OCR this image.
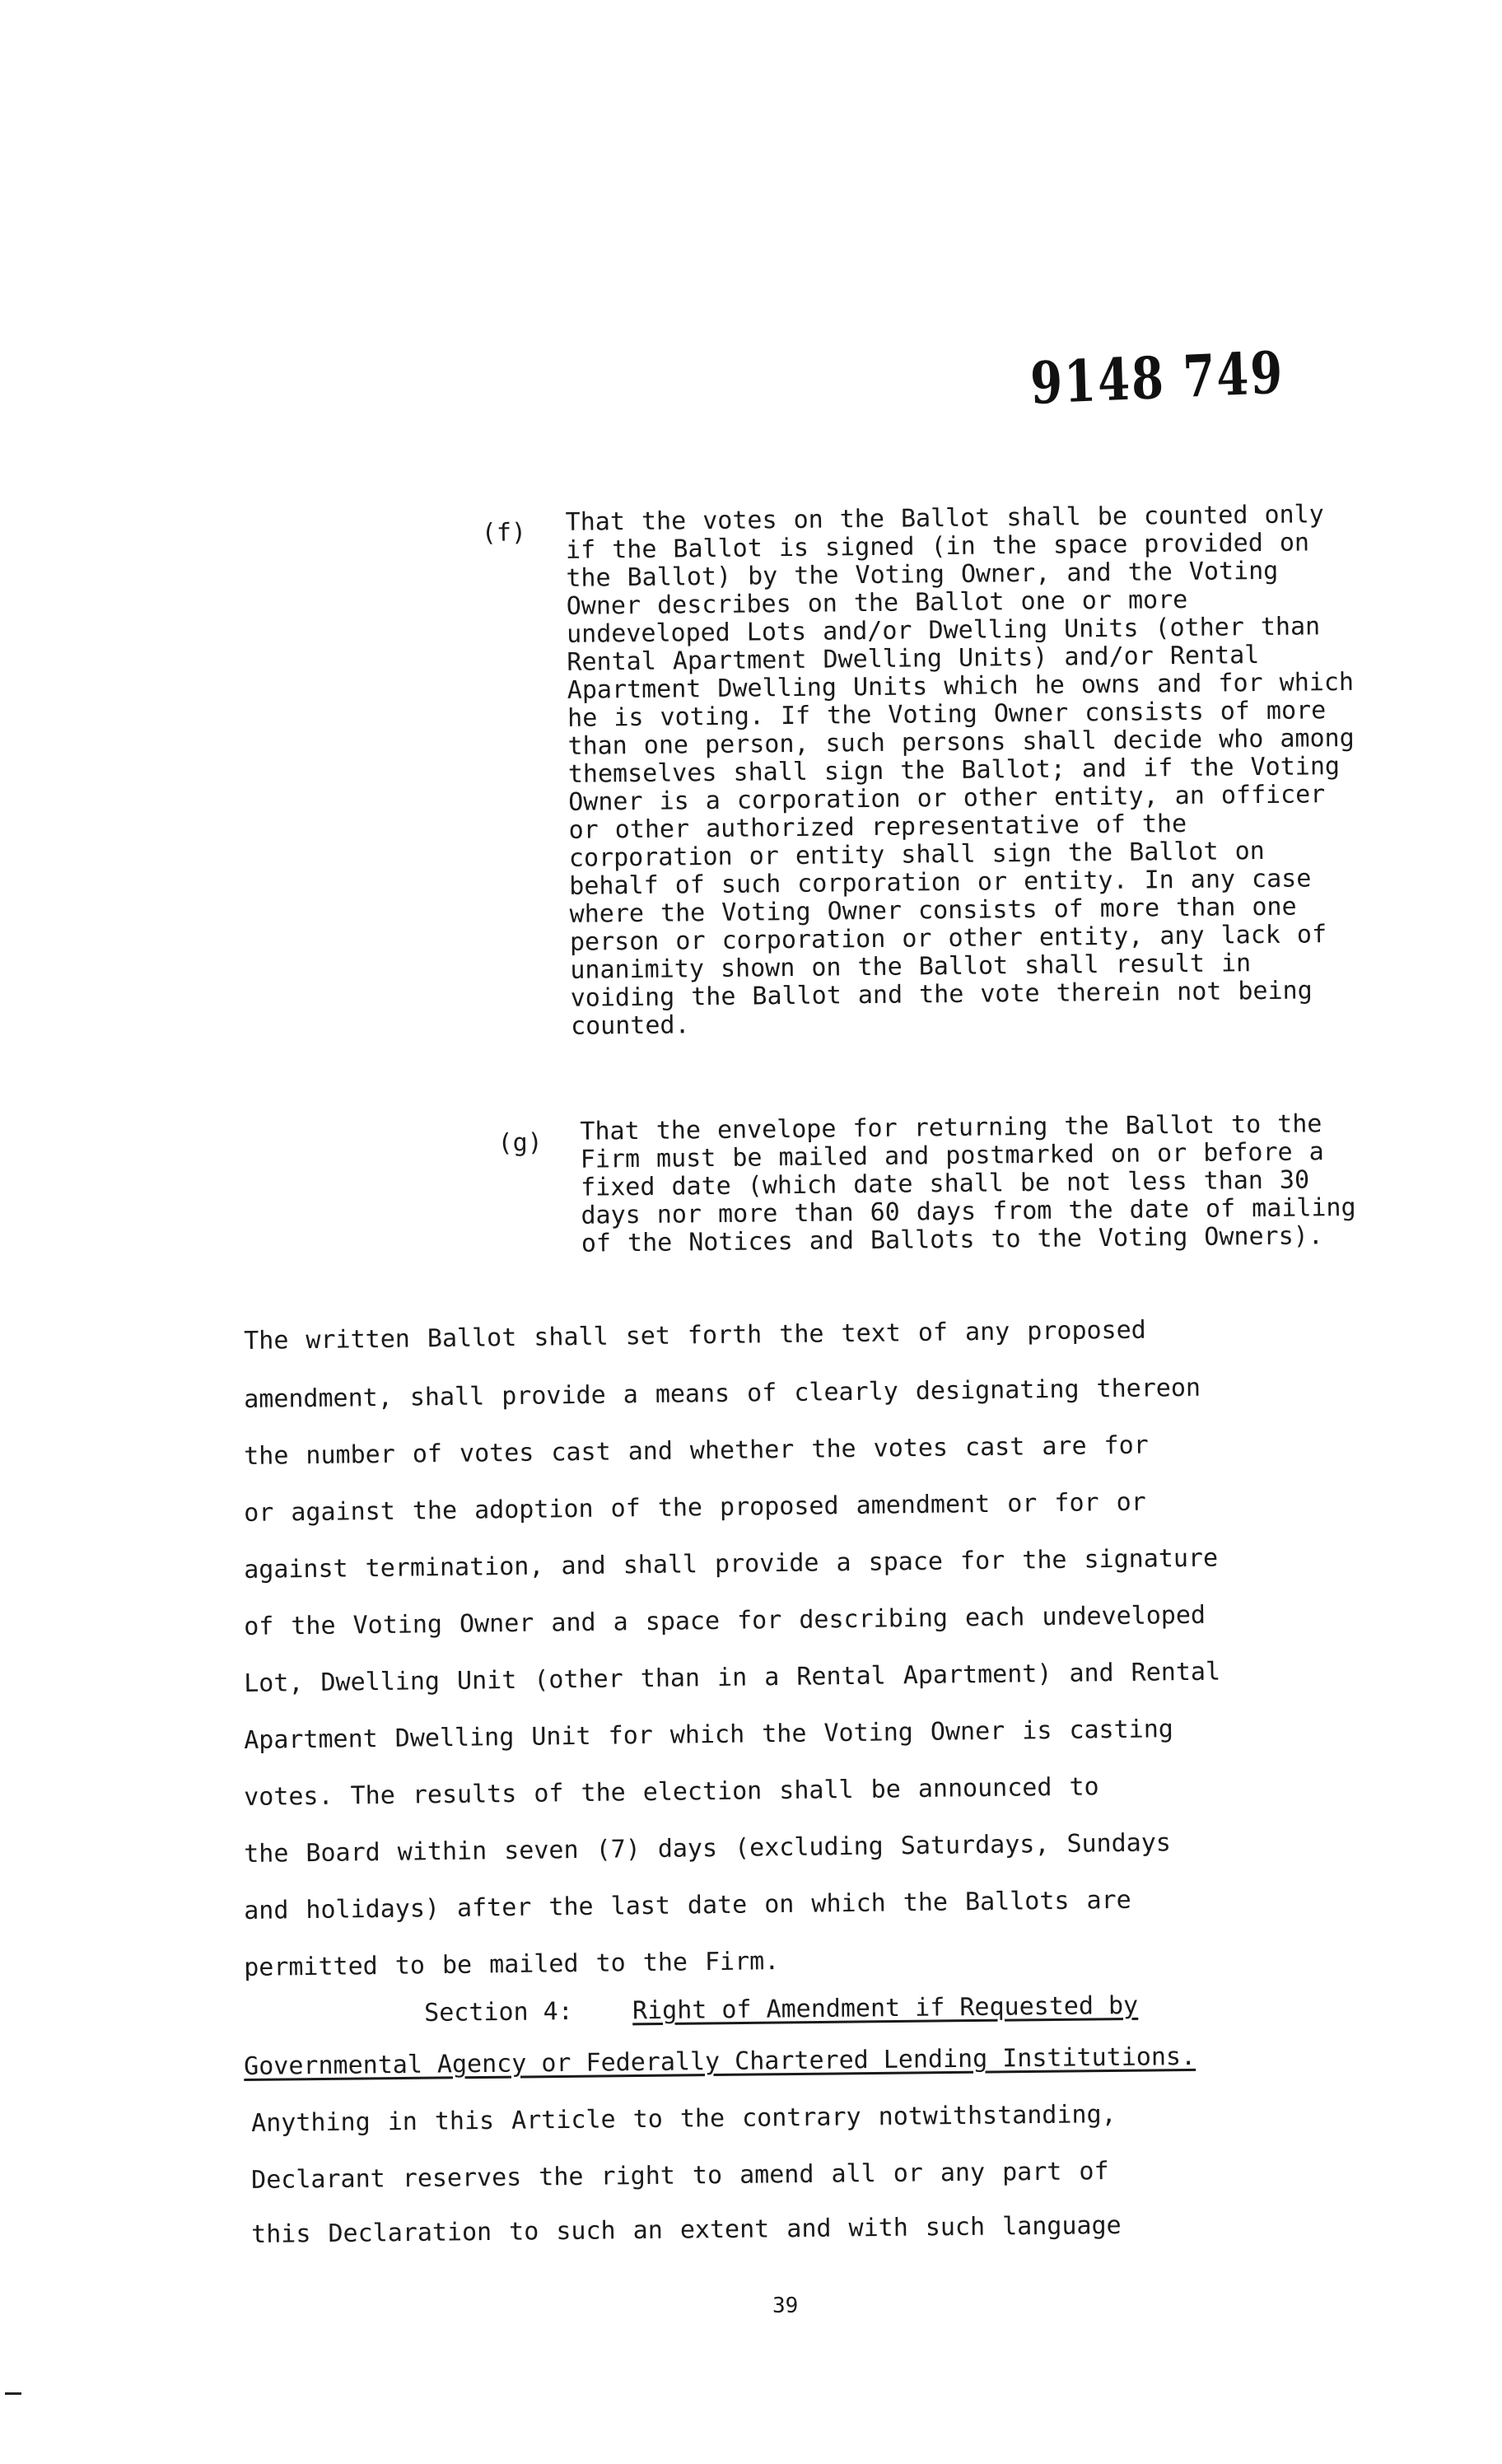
9148 749
(f) That the votes on the Ballot shall be counted only if the Ballot is signed (in the space provided on the Ballot) by the Voting Owner, and the Voting Owner describes on the Ballot one or more undeveloped Lots and/or Dwelling Units (other than Rental Apartment Dwelling Units) and/or Rental Apartment Dwelling Units which he owns and for which he is voting. If the Voting Owner consists of more than one person, such persons shall decide who among themselves shall sign the Ballot; and if the Voting Owner is a corporation or other entity, an officer or other authorized representative of the corporation or entity shall sign the Ballot on behalf of such corporation or entity. In any case where the Voting Owner consists of more than one person or corporation or other entity, any lack of unanimity shown on the Ballot shall result in voiding the Ballot and the vote therein not being counted.
(g) That the envelope for returning the Ballot to the Firm must be mailed and postmarked on or before a fixed date (which date shall be not less than 30 days nor more than 60 days from the date of mailing of the Notices and Ballots to the Voting Owners).
The written Ballot shall set forth the text of any proposed
amendment, shall provide a means of clearly designating thereon
the number of votes cast and whether the votes cast are for
or against the adoption of the proposed amendment or for or
against termination, and shall provide a space for the signature
of the Voting Owner and a space for describing each undeveloped
Lot, Dwelling Unit (other than in a Rental Apartment) and Rental
Apartment Dwelling Unit for which the Voting Owner is casting
votes. The results of the election shall be announced to
the Board within seven (7) days (excluding Saturdays, Sundays
and holidays) after the last date on which the Ballots are
permitted to be mailed to the Firm.
Section 4: Right of Amendment if Requested by
Governmental Agency or Federally Chartered Lending Institutions.
Anything in this Article to the contrary notwithstanding,
Declarant reserves the right to amend all or any part of
this Declaration to such an extent and with such language
39
